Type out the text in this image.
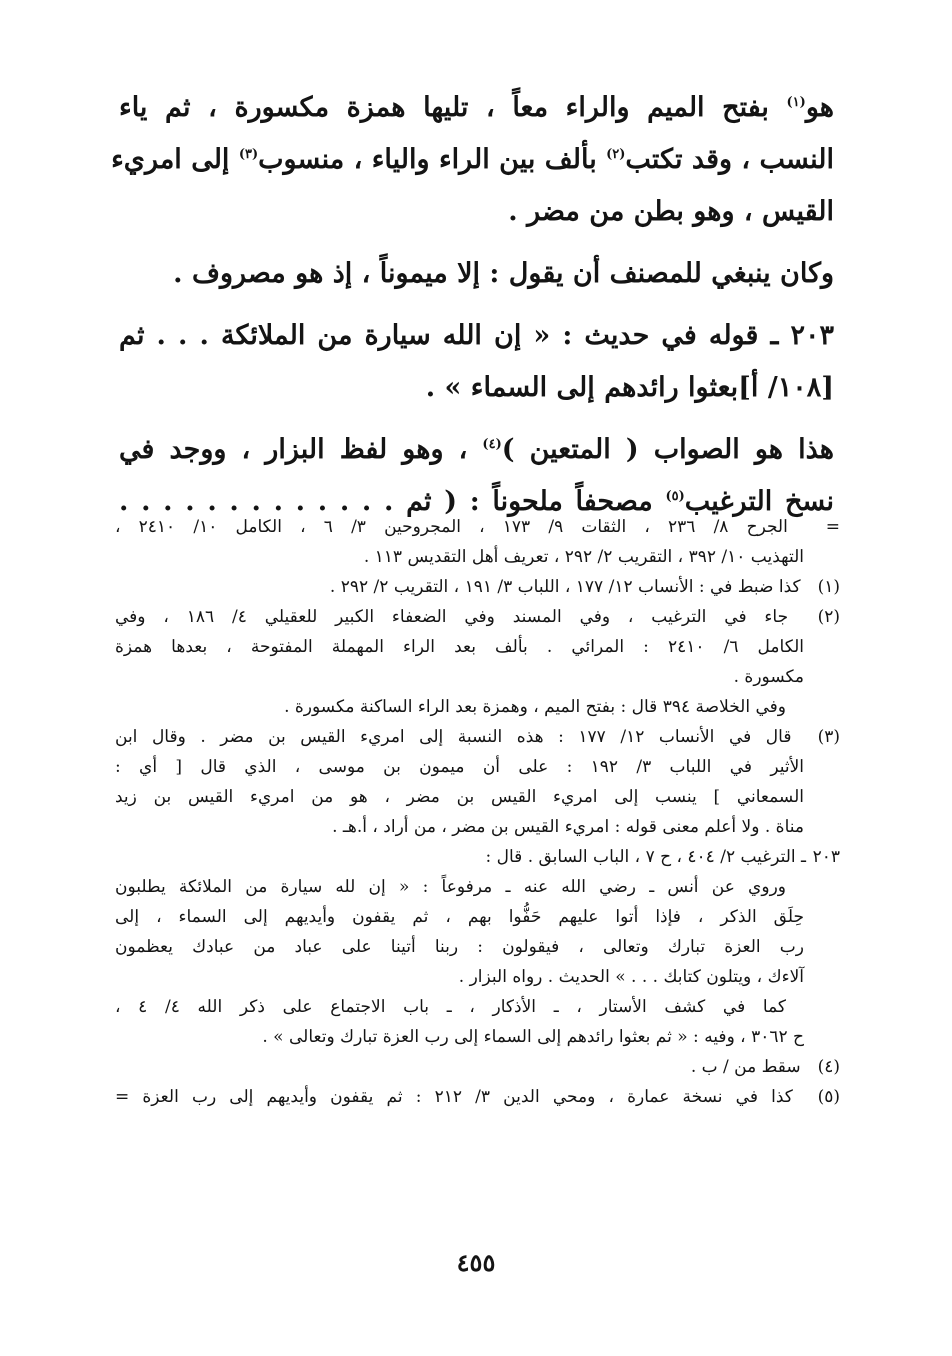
هو$^{(١)}$ بفتح الميم والراء معاً ، تليها همزة مكسورة ، ثم ياء
النسب ، وقد تكتب$^{(٢)}$ بألف بين الراء والياء ، منسوب$^{(٣)}$ إلى امريء
القيس ، وهو بطن من مضر .
وكان ينبغي للمصنف أن يقول : إلا ميموناً ، إذ هو مصروف .
٢٠٣ ـ قوله في حديث : « إن الله سيارة من الملائكة . . . ثم
[١٠٨/ أ]بعثوا رائدهم إلى السماء » .
هذا هو الصواب ( المتعين )$^{(٤)}$ ، وهو لفظ البزار ، ووجد في
نسخ الترغيب$^{(٥)}$ مصحفاً ملحوناً : ( ثم . . . . . . . . . . . . .
= الجرح ٨/ ٢٣٦ ، الثقات ٩/ ١٧٣ ، المجروحين ٣/ ٦ ، الكامل ١٠/ ٢٤١٠ ،
التهذيب ١٠/ ٣٩٢ ، التقريب ٢/ ٢٩٢ ، تعريف أهل التقديس ١١٣ .
(١) كذا ضبط في : الأنساب ١٢/ ١٧٧ ، اللباب ٣/ ١٩١ ، التقريب ٢/ ٢٩٢ .
(٢) جاء في الترغيب ، وفي المسند وفي الضعفاء الكبير للعقيلي ٤/ ١٨٦ ، وفي
الكامل ٦/ ٢٤١٠ : المرائي . بألف بعد الراء المهملة المفتوحة ، بعدها همزة
مكسورة .
وفي الخلاصة ٣٩٤ قال : بفتح الميم ، وهمزة بعد الراء الساكنة مكسورة .
(٣) قال في الأنساب ١٢/ ١٧٧ : هذه النسبة إلى امريء القيس بن مضر . وقال ابن
الأثير في اللباب ٣/ ١٩٢ : على أن ميمون بن موسى ، الذي قال [ أي :
السمعاني ] ينسب إلى امريء القيس بن مضر ، هو من امريء القيس بن زيد
مناة . ولا أعلم معنى قوله : امريء القيس بن مضر ، من أراد ، أ.هـ .
٢٠٣ـ الترغيب ٢/ ٤٠٤ ، ح ٧ ، الباب السابق . قال :
وروي عن أنس ـ رضي الله عنه ـ مرفوعاً : « إن لله سيارة من الملائكة يطلبون
حِلَق الذكر ، فإذا أتوا عليهم حَفُّوا بهم ، ثم يقفون وأيديهم إلى السماء ، إلى
رب العزة تبارك وتعالى ، فيقولون : ربنا أتينا على عباد من عبادك يعظمون
آلاءك ، ويتلون كتابك . . . » الحديث . رواه البزار .
كما في كشف الأستار ، ـ الأذكار ، ـ باب الاجتماع على ذكر الله ٤/ ٤ ،
ح ٣٠٦٢ ، وفيه : « ثم بعثوا رائدهم إلى السماء إلى رب العزة تبارك وتعالى » .
(٤) سقط من / ب .
(٥) كذا في نسخة عمارة ، ومحي الدين ٣/ ٢١٢ : ثم يقفون وأيديهم إلى رب العزة =
٤٥٥
